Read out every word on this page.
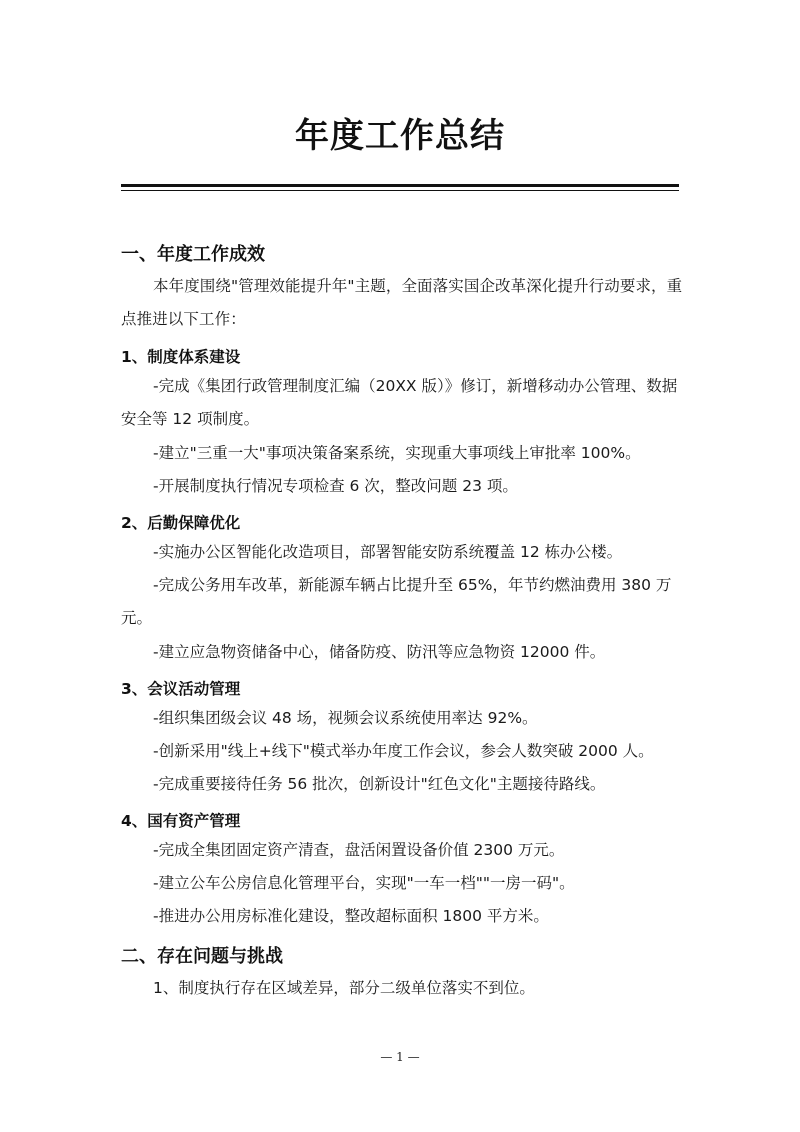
年度工作总结
一、年度工作成效
本年度围绕"管理效能提升年"主题，全面落实国企改革深化提升行动要求，重点推进以下工作：
1、制度体系建设
-完成《集团行政管理制度汇编（20XX 版）》修订，新增移动办公管理、数据安全等 12 项制度。
-建立"三重一大"事项决策备案系统，实现重大事项线上审批率 100%。
-开展制度执行情况专项检查 6 次，整改问题 23 项。
2、后勤保障优化
-实施办公区智能化改造项目，部署智能安防系统覆盖 12 栋办公楼。
-完成公务用车改革，新能源车辆占比提升至 65%，年节约燃油费用 380 万元。
-建立应急物资储备中心，储备防疫、防汛等应急物资 12000 件。
3、会议活动管理
-组织集团级会议 48 场，视频会议系统使用率达 92%。
-创新采用"线上+线下"模式举办年度工作会议，参会人数突破 2000 人。
-完成重要接待任务 56 批次，创新设计"红色文化"主题接待路线。
4、国有资产管理
-完成全集团固定资产清查，盘活闲置设备价值 2300 万元。
-建立公车公房信息化管理平台，实现"一车一档""一房一码"。
-推进办公用房标准化建设，整改超标面积 1800 平方米。
二、存在问题与挑战
1、制度执行存在区域差异，部分二级单位落实不到位。
— 1 —
